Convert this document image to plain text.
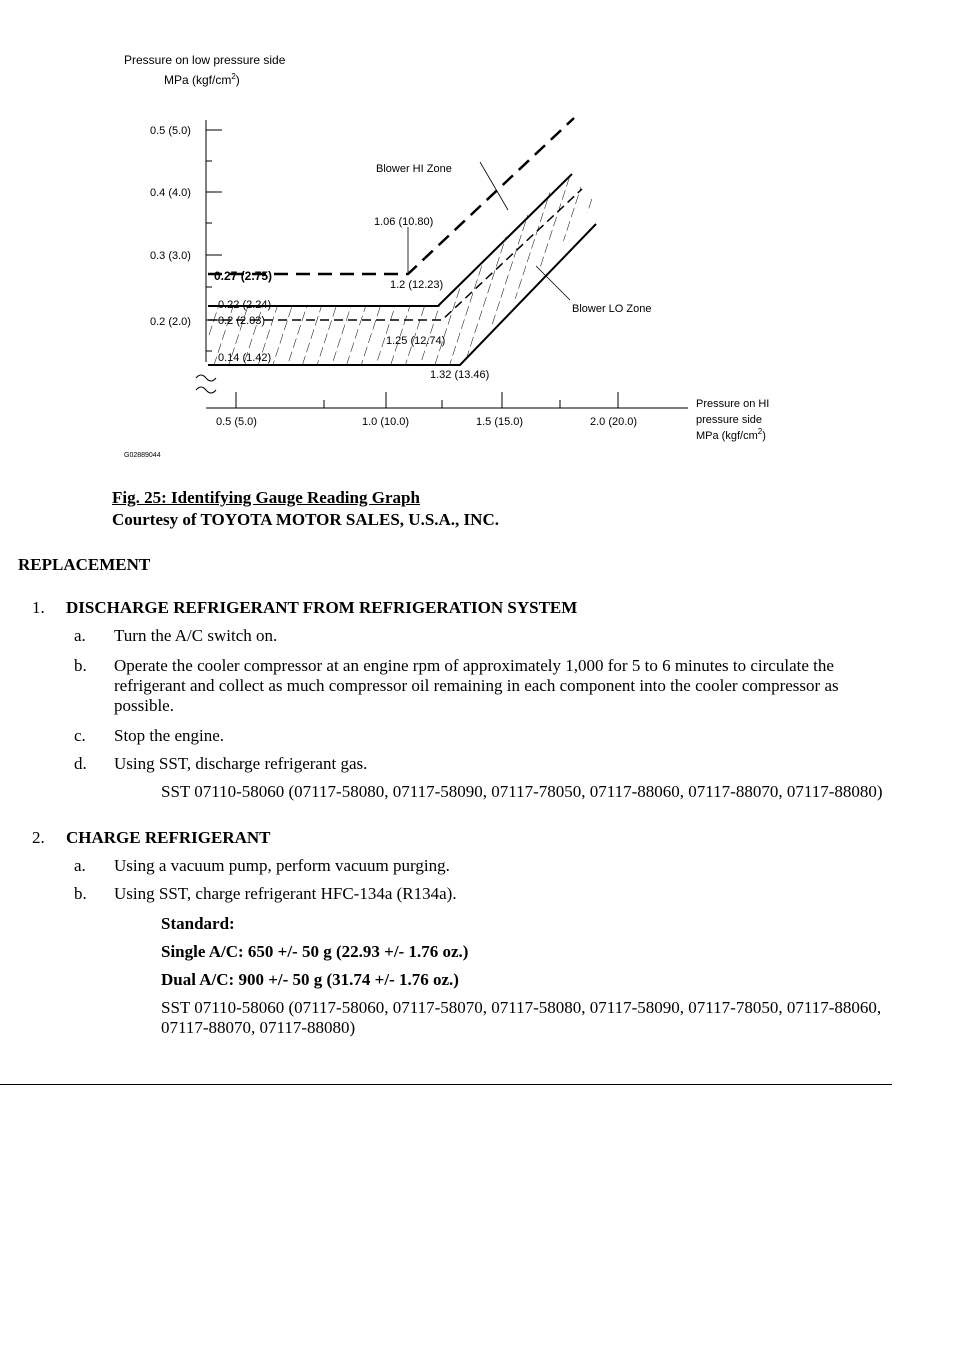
Pressure on low pressure side
MPa $(kgf/cm^2)$
0.5 (5.0)
0.4 (4.0)
0.3 (3.0)
0.2 (2.0)
0.27 (2.75)
0.22 (2.24)
0.2 (2.03)
0.14 (1.42)
1.06 (10.80)
1.2 (12.23)
1.25 (12.74)
1.32 (13.46)
Blower HI Zone
Blower LO Zone
0.5 (5.0)	1.0 (10.0)	1.5 (15.0)	2.0 (20.0)
Pressure on HI
pressure side
MPa $(kgf/cm^2)$
G02889044
Fig. 25: Identifying Gauge Reading Graph
Courtesy of TOYOTA MOTOR SALES, U.S.A., INC.
REPLACEMENT
1. DISCHARGE REFRIGERANT FROM REFRIGERATION SYSTEM
a. Turn the A/C switch on.
b. Operate the cooler compressor at an engine rpm of approximately 1,000 for 5 to 6 minutes to circulate the refrigerant and collect as much compressor oil remaining in each component into the cooler compressor as possible.
c. Stop the engine.
d. Using SST, discharge refrigerant gas.
SST 07110-58060 (07117-58080, 07117-58090, 07117-78050, 07117-88060, 07117-88070, 07117-88080)
2. CHARGE REFRIGERANT
a. Using a vacuum pump, perform vacuum purging.
b. Using SST, charge refrigerant HFC-134a (R134a).
Standard:
Single A/C: 650 +/- 50 g (22.93 +/- 1.76 oz.)
Dual A/C: 900 +/- 50 g (31.74 +/- 1.76 oz.)
SST 07110-58060 (07117-58060, 07117-58070, 07117-58080, 07117-58090, 07117-78050, 07117-88060, 07117-88070, 07117-88080)
